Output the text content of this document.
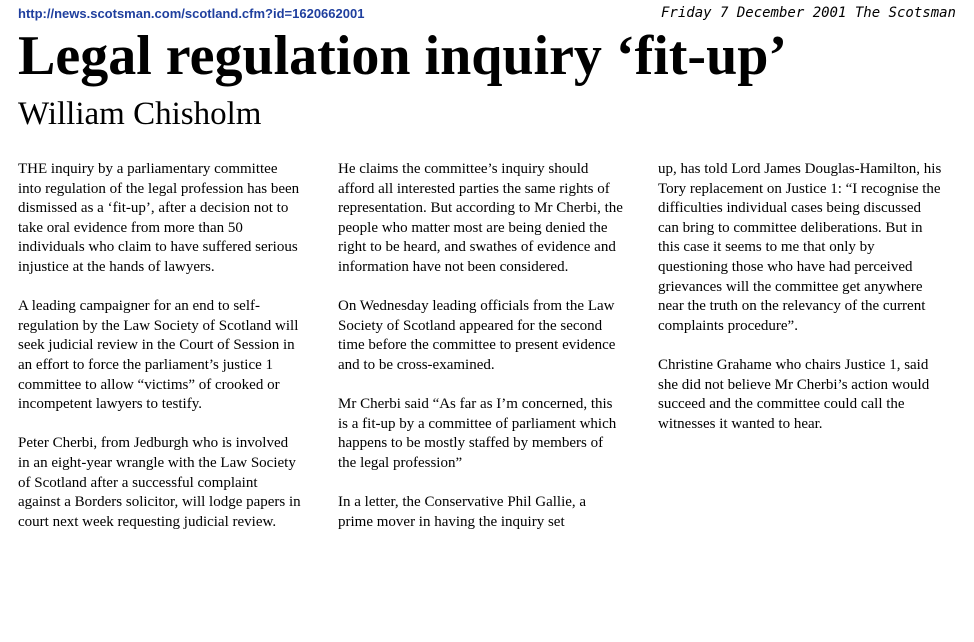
http://news.scotsman.com/scotland.cfm?id=1620662001	Friday 7 December 2001 The Scotsman
Legal regulation inquiry ‘fit-up’
William Chisholm

THE inquiry by a parliamentary committee into regulation of the legal profession has been dismissed as a ‘fit-up’, after a decision not to take oral evidence from more than 50 individuals who claim to have suffered serious injustice at the hands of lawyers.

A leading campaigner for an end to self-regulation by the Law Society of Scotland will seek judicial review in the Court of Session in an effort to force the parliament’s justice 1 committee to allow “victims” of crooked or incompetent lawyers to testify.

Peter Cherbi, from Jedburgh who is involved in an eight-year wrangle with the Law Society of Scotland after a successful complaint against a Borders solicitor, will lodge papers in court next week requesting judicial review.

He claims the committee’s inquiry should afford all interested parties the same rights of representation. But according to Mr Cherbi, the people who matter most are being denied the right to be heard, and swathes of evidence and information have not been considered.

On Wednesday leading officials from the Law Society of Scotland appeared for the second time before the committee to present evidence and to be cross-examined.

Mr Cherbi said “As far as I’m concerned, this is a fit-up by a committee of parliament which happens to be mostly staffed by members of the legal profession”

In a letter, the Conservative Phil Gallie, a prime mover in having the inquiry set

up, has told Lord James Douglas-Hamilton, his Tory replacement on Justice 1: “I recognise the difficulties individual cases being discussed can bring to committee deliberations. But in this case it seems to me that only by questioning those who have had perceived grievances will the committee get anywhere near the truth on the relevancy of the current complaints procedure”.

Christine Grahame who chairs Justice 1, said she did not believe Mr Cherbi’s action would succeed and the committee could call the witnesses it wanted to hear.
